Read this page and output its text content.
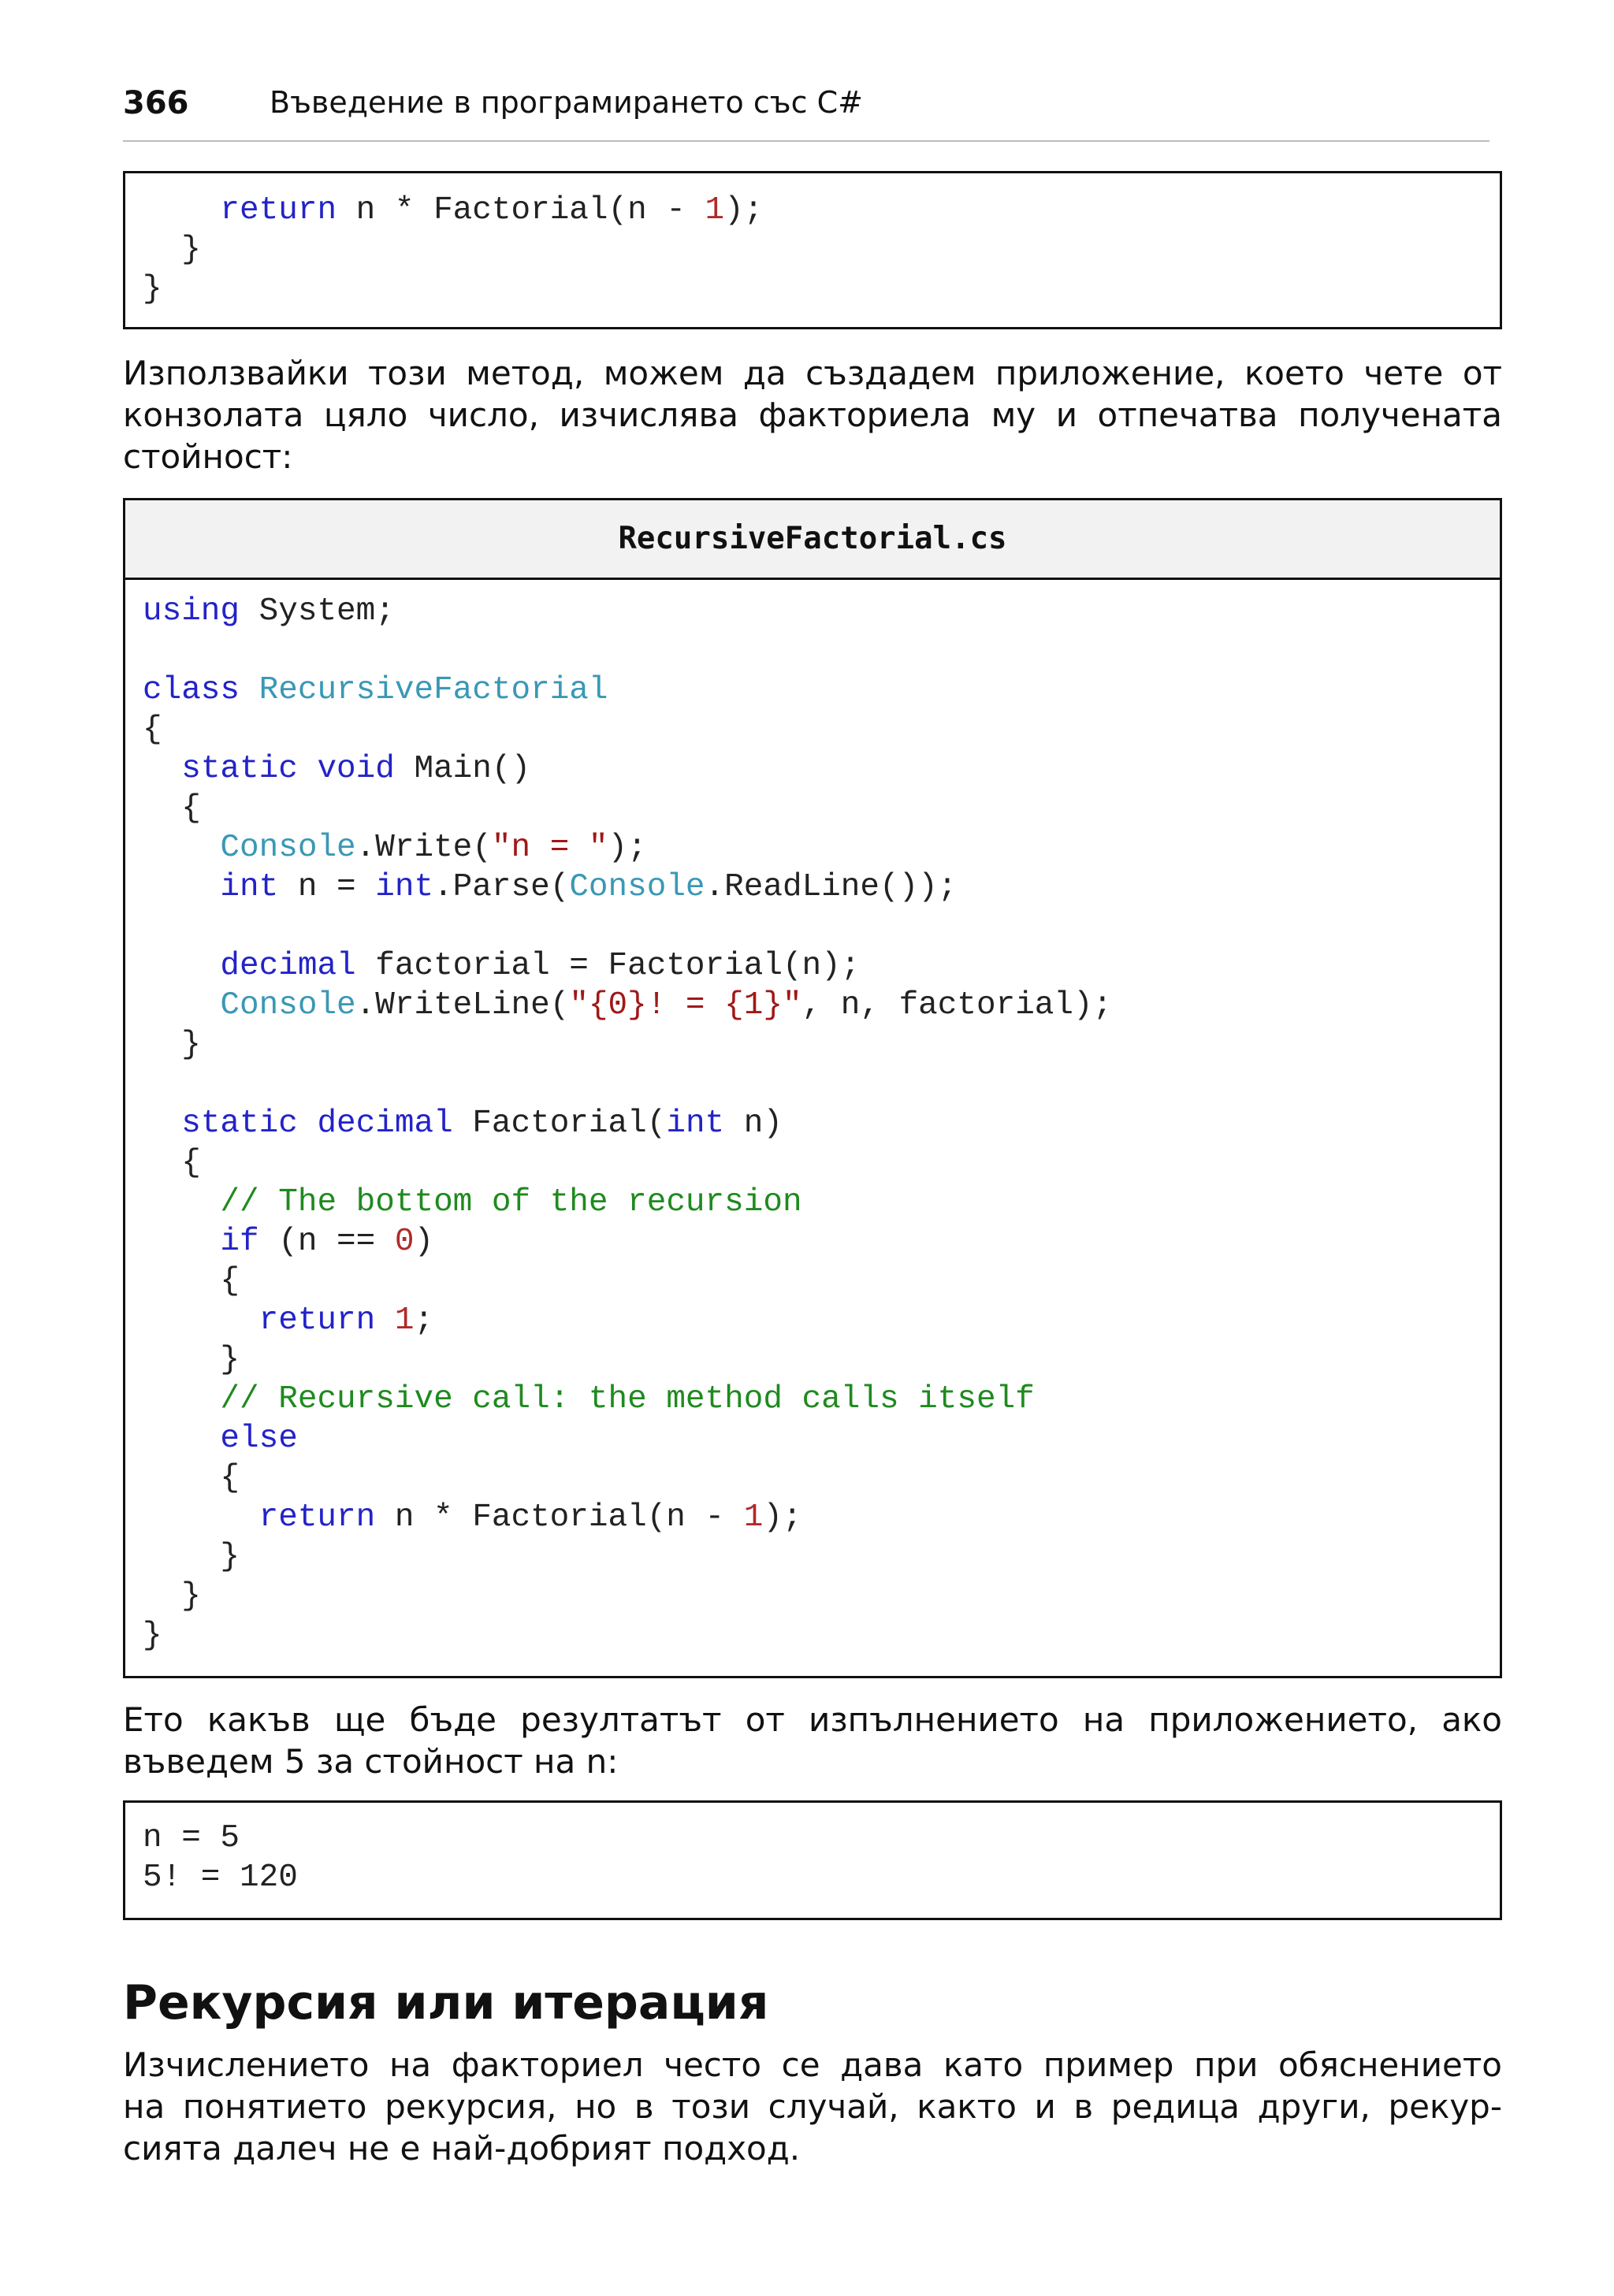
366	Въведение в програмирането със C#
return n * Factorial(n - 1);
}
}
Използвайки този метод, можем да създадем приложение, което чете от
конзолата цяло число, изчислява факториела му и отпечатва получената
стойност:
RecursiveFactorial.cs
using System;
class RecursiveFactorial
{
static void Main()
{
Console.Write("n = ");
int n = int.Parse(Console.ReadLine());
decimal factorial = Factorial(n);
Console.WriteLine("{0}! = {1}", n, factorial);
}
static decimal Factorial(int n)
{
// The bottom of the recursion
if (n == 0)
{
return 1;
}
// Recursive call: the method calls itself
else
{
return n * Factorial(n - 1);
}
}
}
Ето какъв ще бъде резултатът от изпълнението на приложението, ако
въведем 5 за стойност на n:
n = 5
5! = 120
Рекурсия или итерация
Изчислението на факториел често се дава като пример при обяснението
на понятието рекурсия, но в този случай, както и в редица други, рекур-
сията далеч не е най-добрият подход.
